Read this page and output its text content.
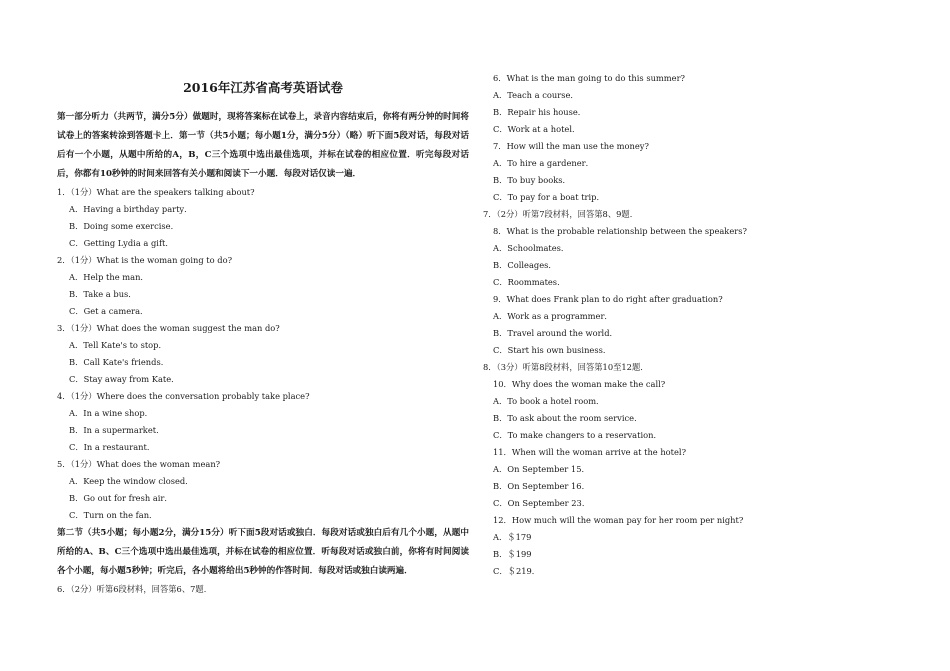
2016年江苏省高考英语试卷
第一部分听力（共两节，满分5分）做题时，现将答案标在试卷上，录音内容结束后，你将有两分钟的时间将试卷上的答案转涂到答题卡上．第一节（共5小题；每小题1分，满分5分）（略）听下面5段对话，每段对话后有一个小题，从题中所给的A，B，C三个选项中选出最佳选项，并标在试卷的相应位置．听完每段对话后，你都有10秒钟的时间来回答有关小题和阅读下一小题．每段对话仅读一遍．
1．（1分）What are the speakers talking about?
A．Having a birthday party．
B．Doing some exercise．
C．Getting Lydia a gift．
2．（1分）What is the woman going to do?
A．Help the man．
B．Take a bus．
C．Get a camera．
3．（1分）What does the woman suggest the man do?
A．Tell Kate's to stop．
B．Call Kate's friends．
C．Stay away from Kate．
4．（1分）Where does the conversation probably take place?
A．In a wine shop．
B．In a supermarket．
C．In a restaurant．
5．（1分）What does the woman mean?
A．Keep the window closed．
B．Go out for fresh air．
C．Turn on the fan．
第二节（共5小题；每小题2分，满分15分）听下面5段对话或独白．每段对话或独白后有几个小题，从题中所给的A、B、C三个选项中选出最佳选项，并标在试卷的相应位置．听每段对话或独白前，你将有时间阅读各个小题，每小题5秒钟；听完后，各小题将给出5秒钟的作答时间．每段对话或独白读两遍．
6．（2分）听第6段材料，回答第6、7题．
6．What is the man going to do this summer?
A．Teach a course．
B．Repair his house．
C．Work at a hotel．
7．How will the man use the money?
A．To hire a gardener．
B．To buy books．
C．To pay for a boat trip．
7．（2分）听第7段材料，回答第8、9题．
8．What is the probable relationship between the speakers?
A．Schoolmates．
B．Colleages．
C．Roommates．
9．What does Frank plan to do right after graduation?
A．Work as a programmer．
B．Travel around the world．
C．Start his own business．
8．（3分）听第8段材料，回答第10至12题．
10．Why does the woman make the call?
A．To book a hotel room．
B．To ask about the room service．
C．To make changers to a reservation．
11．When will the woman arrive at the hotel?
A．On September 15．
B．On September 16．
C．On September 23．
12．How much will the woman pay for her room per night?
A．＄179
B．＄199
C．＄219．
